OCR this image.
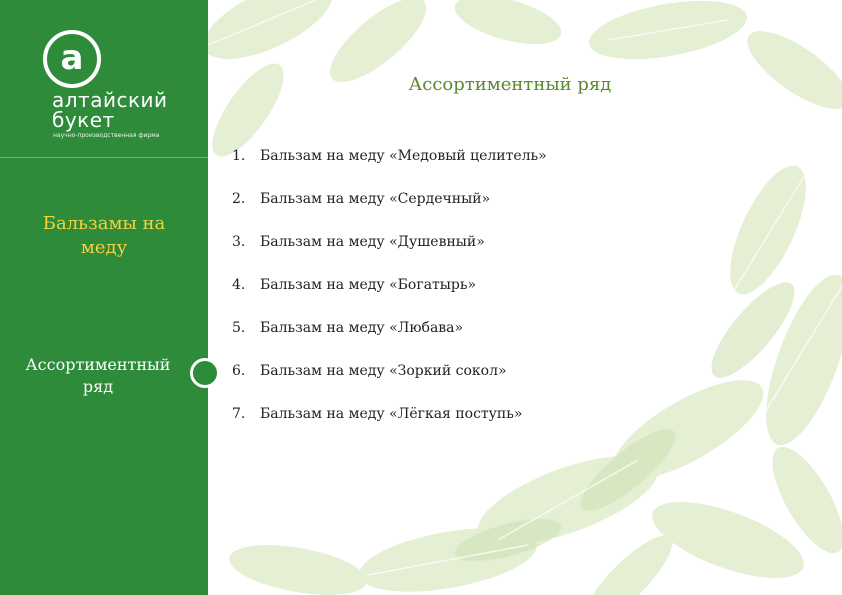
а
алтайский
букет
научно-производственная фирма
Бальзамы на
меду
Ассортиментный
ряд
Ассортиментный ряд
1. Бальзам на меду «Медовый целитель»
2. Бальзам на меду «Сердечный»
3. Бальзам на меду «Душевный»
4. Бальзам на меду «Богатырь»
5. Бальзам на меду «Любава»
6. Бальзам на меду «Зоркий сокол»
7. Бальзам на меду «Лёгкая поступь»
